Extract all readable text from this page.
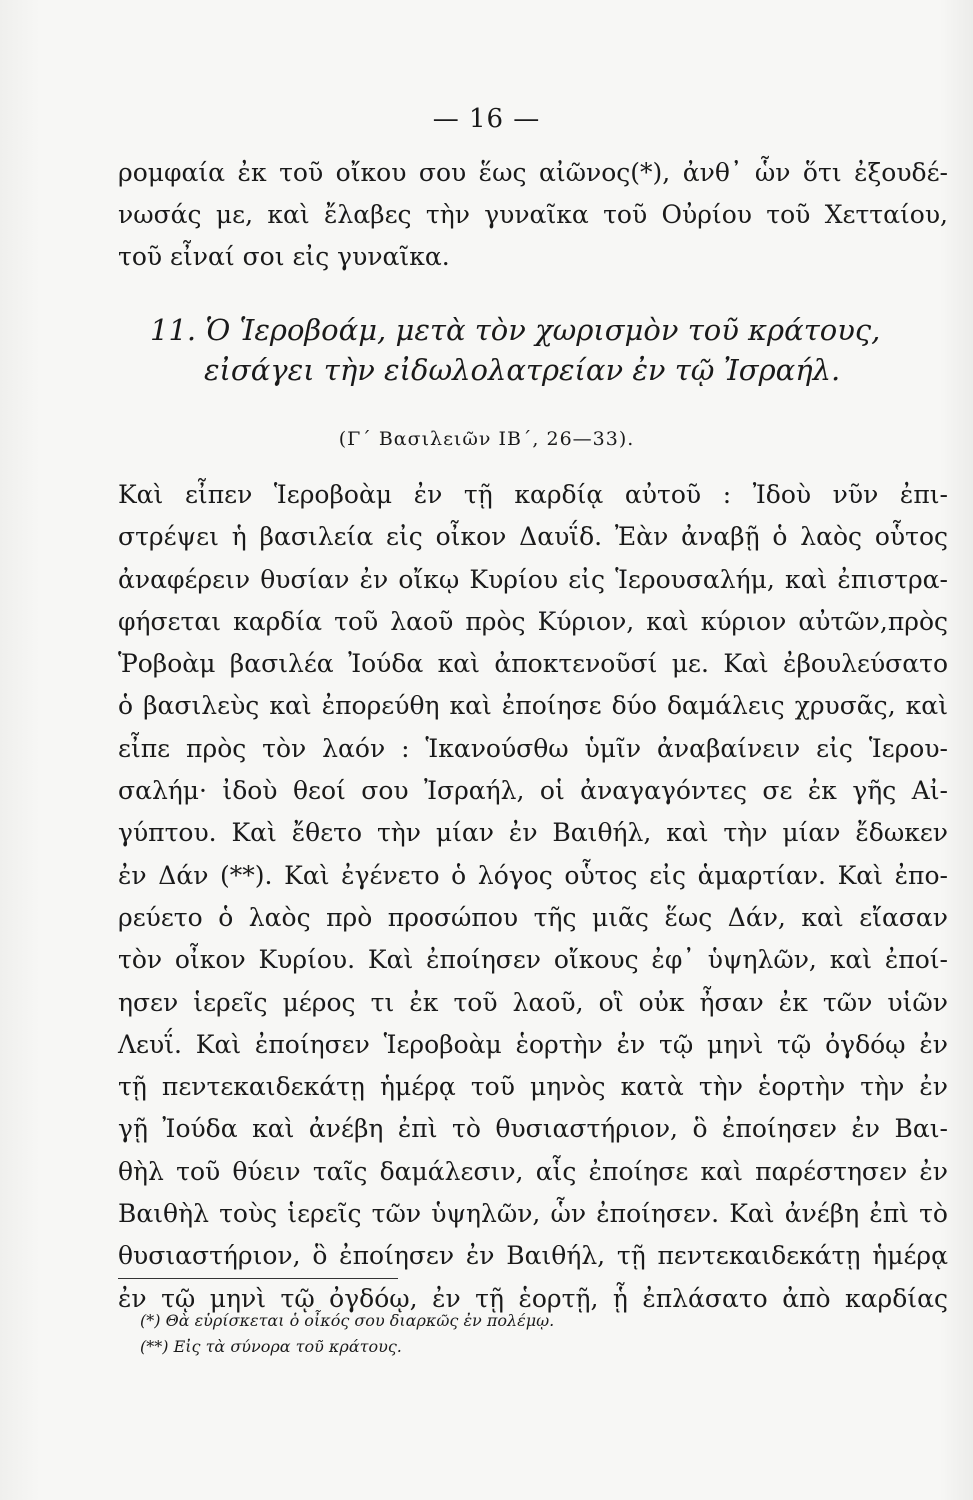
— 16 —
ρομφαία ἐκ τοῦ οἴκου σου ἕως αἰῶνος(*), ἀνθ᾽ ὧν ὅτι ἐξουδέ-
νωσάς με, καὶ ἔλαβες τὴν γυναῖκα τοῦ Οὐρίου τοῦ Χετταίου,
τοῦ εἶναί σοι εἰς γυναῖκα.
11. Ὁ Ἱεροβοάμ, μετὰ τὸν χωρισμὸν τοῦ κράτους,
εἰσάγει τὴν εἰδωλολατρείαν ἐν τῷ Ἰσραήλ.
(Γ´ Βασιλειῶν ΙΒ´, 26—33).
Καὶ εἶπεν Ἱεροβοὰμ ἐν τῇ καρδίᾳ αὐτοῦ : Ἰδοὺ νῦν ἐπι-
στρέψει ἡ βασιλεία εἰς οἶκον Δαυΐδ. Ἐὰν ἀναβῇ ὁ λαὸς οὗτος
ἀναφέρειν θυσίαν ἐν οἴκῳ Κυρίου εἰς Ἱερουσαλήμ, καὶ ἐπιστρα-
φήσεται καρδία τοῦ λαοῦ πρὸς Κύριον, καὶ κύριον αὐτῶν,πρὸς
Ῥοβοὰμ βασιλέα Ἰούδα καὶ ἀποκτενοῦσί με. Καὶ ἐβουλεύσατο
ὁ βασιλεὺς καὶ ἐπορεύθη καὶ ἐποίησε δύο δαμάλεις χρυσᾶς, καὶ
εἶπε πρὸς τὸν λαόν : Ἱκανούσθω ὑμῖν ἀναβαίνειν εἰς Ἱερου-
σαλήμ· ἰδοὺ θεοί σου Ἰσραήλ, οἱ ἀναγαγόντες σε ἐκ γῆς Αἰ-
γύπτου. Καὶ ἔθετο τὴν μίαν ἐν Βαιθήλ, καὶ τὴν μίαν ἔδωκεν
ἐν Δάν (**). Καὶ ἐγένετο ὁ λόγος οὗτος εἰς ἁμαρτίαν. Καὶ ἐπο-
ρεύετο ὁ λαὸς πρὸ προσώπου τῆς μιᾶς ἕως Δάν, καὶ εἴασαν
τὸν οἶκον Κυρίου. Καὶ ἐποίησεν οἴκους ἐφ᾽ ὑψηλῶν, καὶ ἐποί-
ησεν ἱερεῖς μέρος τι ἐκ τοῦ λαοῦ, οἳ οὐκ ἦσαν ἐκ τῶν υἱῶν
Λευΐ. Καὶ ἐποίησεν Ἱεροβοὰμ ἑορτὴν ἐν τῷ μηνὶ τῷ ὀγδόῳ ἐν
τῇ πεντεκαιδεκάτῃ ἡμέρᾳ τοῦ μηνὸς κατὰ τὴν ἑορτὴν τὴν ἐν
γῇ Ἰούδα καὶ ἀνέβη ἐπὶ τὸ θυσιαστήριον, ὃ ἐποίησεν ἐν Βαι-
θὴλ τοῦ θύειν ταῖς δαμάλεσιν, αἷς ἐποίησε καὶ παρέστησεν ἐν
Βαιθὴλ τοὺς ἱερεῖς τῶν ὑψηλῶν, ὧν ἐποίησεν. Καὶ ἀνέβη ἐπὶ τὸ
θυσιαστήριον, ὃ ἐποίησεν ἐν Βαιθήλ, τῇ πεντεκαιδεκάτῃ ἡμέρᾳ
ἐν τῷ μηνὶ τῷ ὀγδόῳ, ἐν τῇ ἑορτῇ, ᾗ ἐπλάσατο ἀπὸ καρδίας
(*) Θὰ εὑρίσκεται ὁ οἶκός σου διαρκῶς ἐν πολέμῳ.
(**) Εἰς τὰ σύνορα τοῦ κράτους.
